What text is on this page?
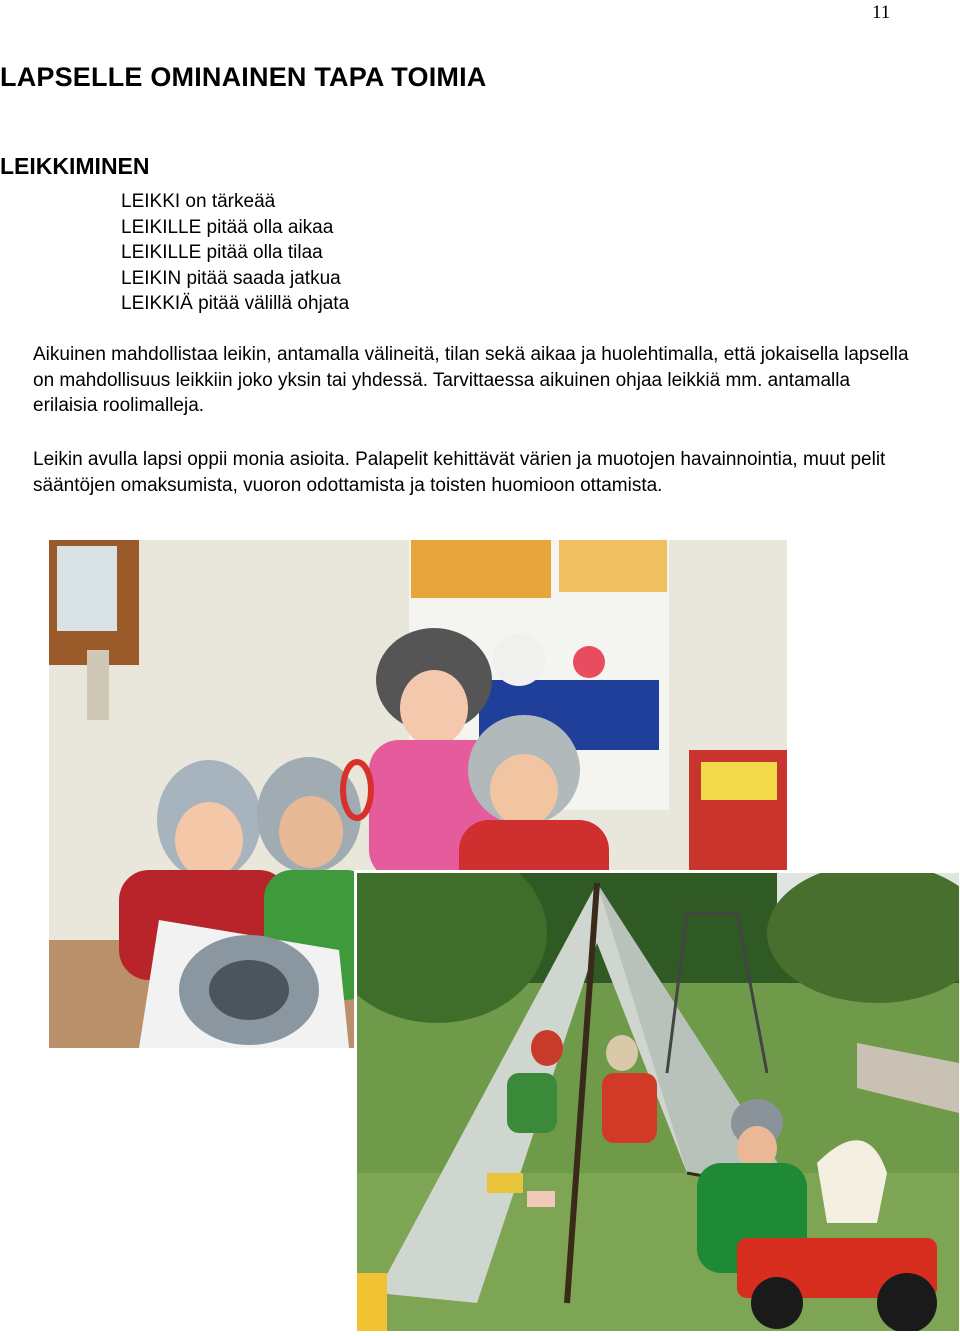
11
LAPSELLE OMINAINEN TAPA TOIMIA
LEIKKIMINEN
LEIKKI on tärkeää
LEIKILLE pitää olla aikaa
LEIKILLE pitää olla tilaa
LEIKIN pitää saada jatkua
LEIKKIÄ pitää välillä ohjata

Aikuinen mahdollistaa leikin, antamalla välineitä, tilan sekä aikaa ja huolehtimalla, että jokaisella lapsella on mahdollisuus leikkiin joko yksin tai yhdessä. Tarvittaessa aikuinen ohjaa leikkiä mm. antamalla erilaisia roolimalleja.

Leikin avulla lapsi oppii monia asioita. Palapelit kehittävät värien ja muotojen havainnointia, muut pelit sääntöjen omaksumista, vuoron odottamista ja toisten huomioon ottamista.
